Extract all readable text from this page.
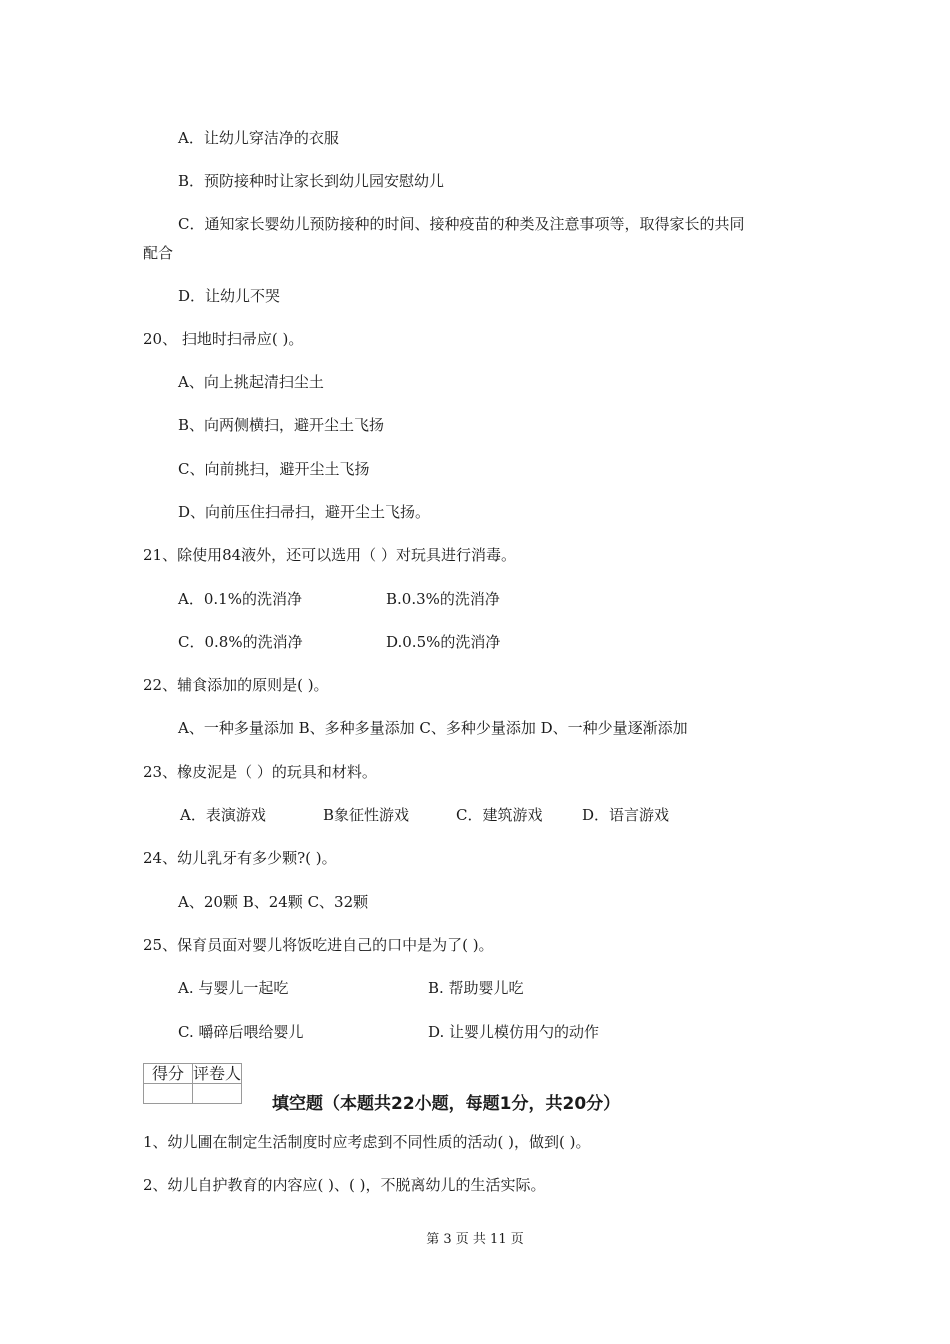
A．让幼儿穿洁净的衣服
B．预防接种时让家长到幼儿园安慰幼儿
C．通知家长婴幼儿预防接种的时间、接种疫苗的种类及注意事项等，取得家长的共同
配合
D．让幼儿不哭
20、 扫地时扫帚应( )。
A、向上挑起清扫尘土
B、向两侧横扫，避开尘土飞扬
C、向前挑扫，避开尘土飞扬
D、向前压住扫帚扫，避开尘土飞扬。
21、除使用84液外，还可以选用（ ）对玩具进行消毒。
A．0.1%的洗消净	B.0.3%的洗消净
C．0.8%的洗消净	D.0.5%的洗消净
22、辅食添加的原则是( )。
A、一种多量添加 B、多种多量添加 C、多种少量添加 D、一种少量逐渐添加
23、橡皮泥是（ ）的玩具和材料。
A．表演游戏	B象征性游戏	C．建筑游戏	D．语言游戏
24、幼儿乳牙有多少颗?( )。
A、20颗 B、24颗 C、32颗
25、保育员面对婴儿将饭吃进自己的口中是为了( )。
A. 与婴儿一起吃	B. 帮助婴儿吃
C. 嚼碎后喂给婴儿	D. 让婴儿模仿用勺的动作
得分	评卷人

填空题（本题共22小题，每题1分，共20分）
1、幼儿圃在制定生活制度时应考虑到不同性质的活动( )，做到( )。
2、幼儿自护教育的内容应( )、( )，不脱离幼儿的生活实际。
第 3 页 共 11 页
